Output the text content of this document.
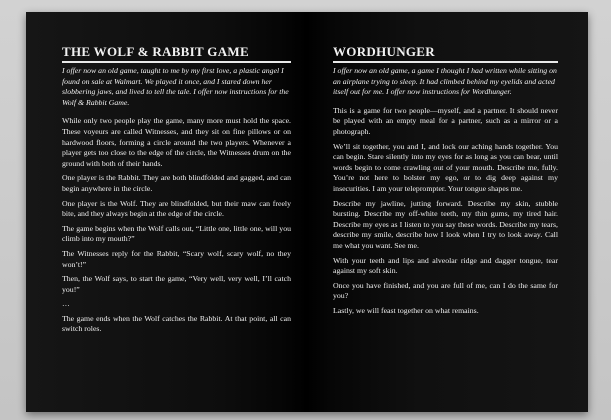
THE WOLF & RABBIT GAME

I offer now an old game, taught to me by my first love, a plastic angel I found on sale at Walmart. We played it once, and I stared down her slobbering jaws, and lived to tell the tale. I offer now instructions for the Wolf & Rabbit Game.

While only two people play the game, many more must hold the space. These voyeurs are called Witnesses, and they sit on fine pillows or on hardwood floors, forming a circle around the two players. Whenever a player gets too close to the edge of the circle, the Witnesses drum on the ground with both of their hands.

One player is the Rabbit. They are both blindfolded and gagged, and can begin anywhere in the circle.

One player is the Wolf. They are blindfolded, but their maw can freely bite, and they always begin at the edge of the circle.

The game begins when the Wolf calls out, “Little one, little one, will you climb into my mouth?”

The Witnesses reply for the Rabbit, “Scary wolf, scary wolf, no they won’t!”

Then, the Wolf says, to start the game, “Very well, very well, I’ll catch you!”

…

The game ends when the Wolf catches the Rabbit. At that point, all can switch roles.

WORDHUNGER

I offer now an old game, a game I thought I had written while sitting on an airplane trying to sleep. It had climbed behind my eyelids and acted itself out for me. I offer now instructions for Wordhunger.

This is a game for two people—myself, and a partner. It should never be played with an empty meal for a partner, such as a mirror or a photograph.

We’ll sit together, you and I, and lock our aching hands together. You can begin. Stare silently into my eyes for as long as you can bear, until words begin to come crawling out of your mouth. Describe me, fully. You’re not here to bolster my ego, or to dig deep against my insecurities. I am your teleprompter. Your tongue shapes me.

Describe my jawline, jutting forward. Describe my skin, stubble bursting. Describe my off-white teeth, my thin gums, my tired hair. Describe my eyes as I listen to you say these words. Describe my tears, describe my smile, describe how I look when I try to look away. Call me what you want. See me.

With your teeth and lips and alveolar ridge and dagger tongue, tear against my soft skin.

Once you have finished, and you are full of me, can I do the same for you?

Lastly, we will feast together on what remains.
